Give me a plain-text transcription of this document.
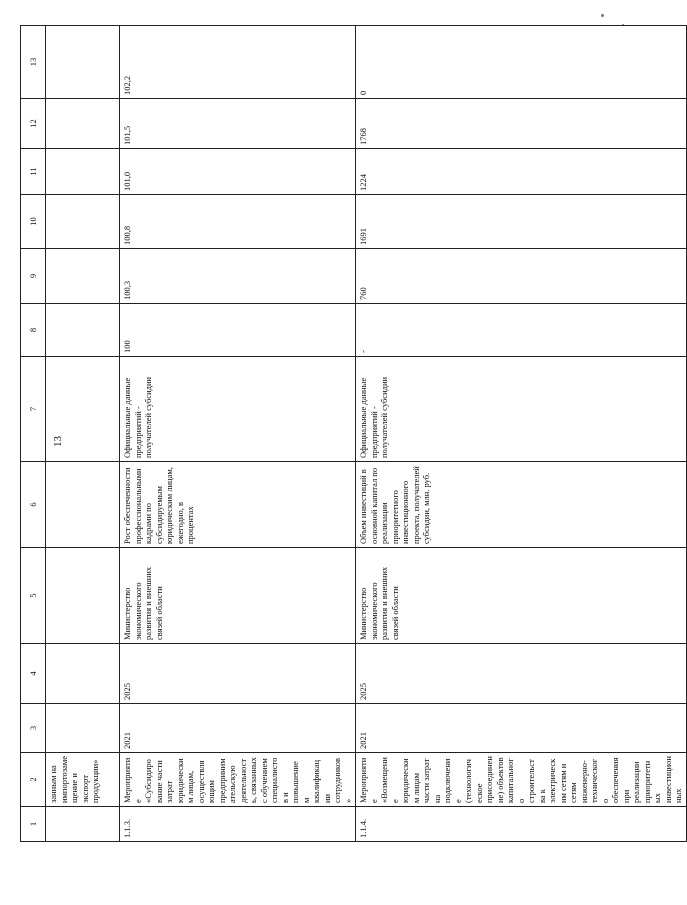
13
1	2	3	4	5	6	7	8	9	10	11	12	13
	занным на импортозамещение и экспорт продукции»											
1.1.3.	Мероприятие «Субсидирование части затрат юридическим лицам, осуществляющим предпринимательскую деятельность, связанных с обучением специалистов и повышением квалификации сотрудников»	2021	2025	Министерство экономического развития и внешних связей области	Рост обеспеченности профессиональными кадрами по субсидируемым юридическим лицам, ежегодно, в процентах	Официальные данные предприятий - получателей субсидии	100	100,3	100,8	101,0	101,5	102,2
1.1.4.	Мероприятие «Возмещение юридическим лицам части затрат на подключение (технологическое присоединение) объектов капитального строительства к электрическим сетям и сетям инженерно-технического обеспечения при реализации приоритетных инвестиционных	2021	2025	Министерство экономического развития и внешних связей области	Объем инвестиций в основной капитал по реализации приоритетного инвестиционного проекта, получателей субсидии, млн. руб.	Официальные данные предприятий - получателей субсидии	-	760	1691	1224	1768	0
